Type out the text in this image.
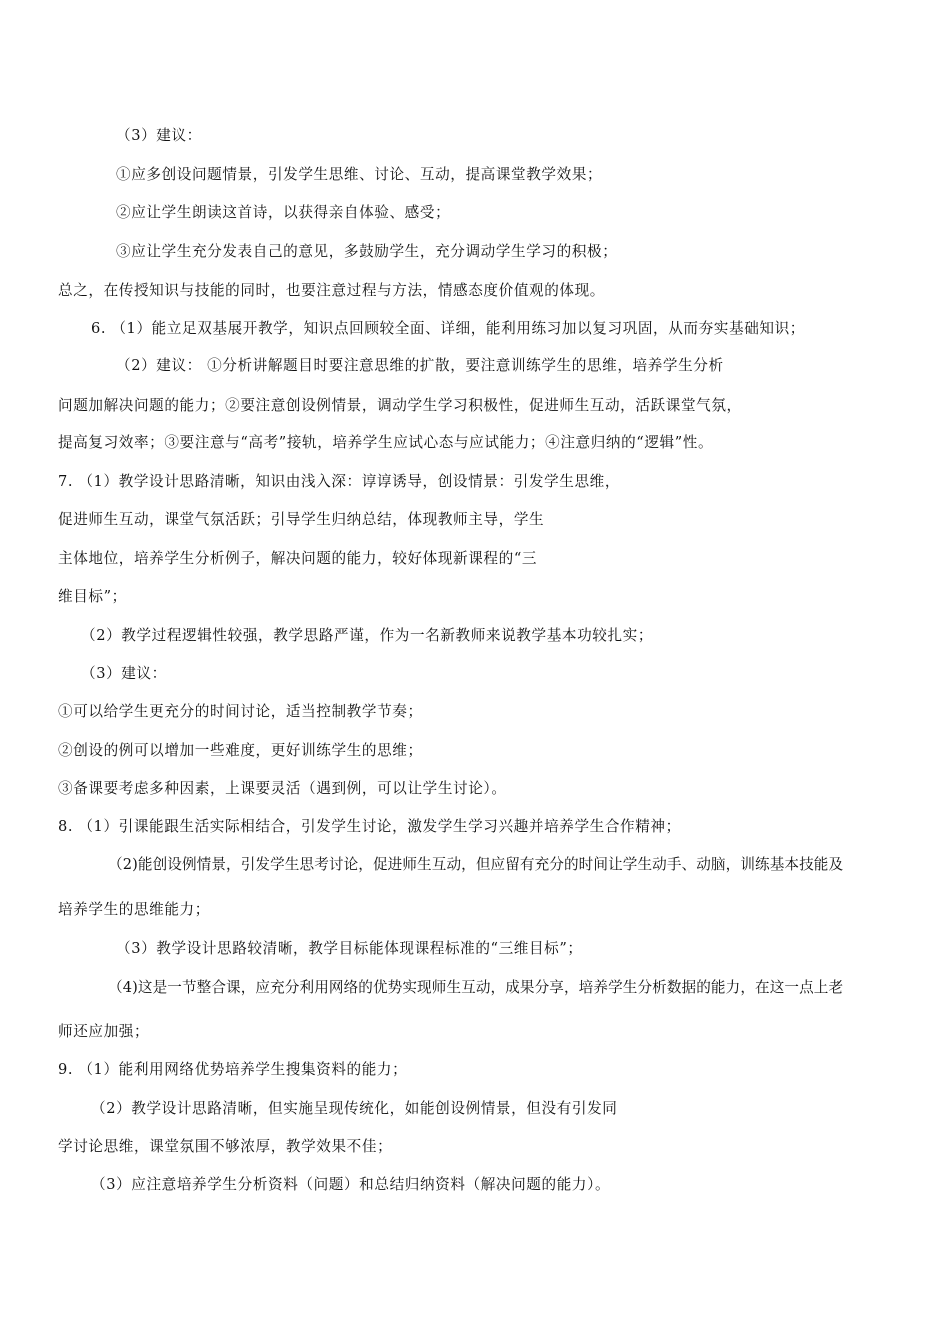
（3）建议：
①应多创设问题情景，引发学生思维、讨论、互动，提高课堂教学效果；
②应让学生朗读这首诗，以获得亲自体验、感受；
③应让学生充分发表自己的意见，多鼓励学生，充分调动学生学习的积极；
总之，在传授知识与技能的同时，也要注意过程与方法，情感态度价值观的体现。
6. （1）能立足双基展开教学，知识点回顾较全面、详细，能利用练习加以复习巩固，从而夯实基础知识；
（2）建议： ①分析讲解题目时要注意思维的扩散，要注意训练学生的思维，培养学生分析
问题加解决问题的能力；②要注意创设例情景，调动学生学习积极性，促进师生互动，活跃课堂气氛，
提高复习效率；③要注意与“高考”接轨，培养学生应试心态与应试能力；④注意归纳的“逻辑”性。
7. （1）教学设计思路清晰，知识由浅入深：谆谆诱导，创设情景：引发学生思维，
促进师生互动，课堂气氛活跃；引导学生归纳总结，体现教师主导，学生
主体地位，培养学生分析例子，解决问题的能力，较好体现新课程的“三
维目标”；
（2）教学过程逻辑性较强，教学思路严谨，作为一名新教师来说教学基本功较扎实；
（3）建议：
①可以给学生更充分的时间讨论，适当控制教学节奏；
②创设的例可以增加一些难度，更好训练学生的思维；
③备课要考虑多种因素，上课要灵活（遇到例，可以让学生讨论）。
8. （1）引课能跟生活实际相结合，引发学生讨论，激发学生学习兴趣并培养学生合作精神；
（2)能创设例情景，引发学生思考讨论，促进师生互动，但应留有充分的时间让学生动手、动脑，训练基本技能及
培养学生的思维能力；
（3）教学设计思路较清晰，教学目标能体现课程标准的“三维目标”；
（4)这是一节整合课，应充分利用网络的优势实现师生互动，成果分享，培养学生分析数据的能力，在这一点上老
师还应加强；
9. （1）能利用网络优势培养学生搜集资料的能力；
（2）教学设计思路清晰，但实施呈现传统化，如能创设例情景，但没有引发同
学讨论思维，课堂氛围不够浓厚，教学效果不佳；
（3）应注意培养学生分析资料（问题）和总结归纳资料（解决问题的能力）。
